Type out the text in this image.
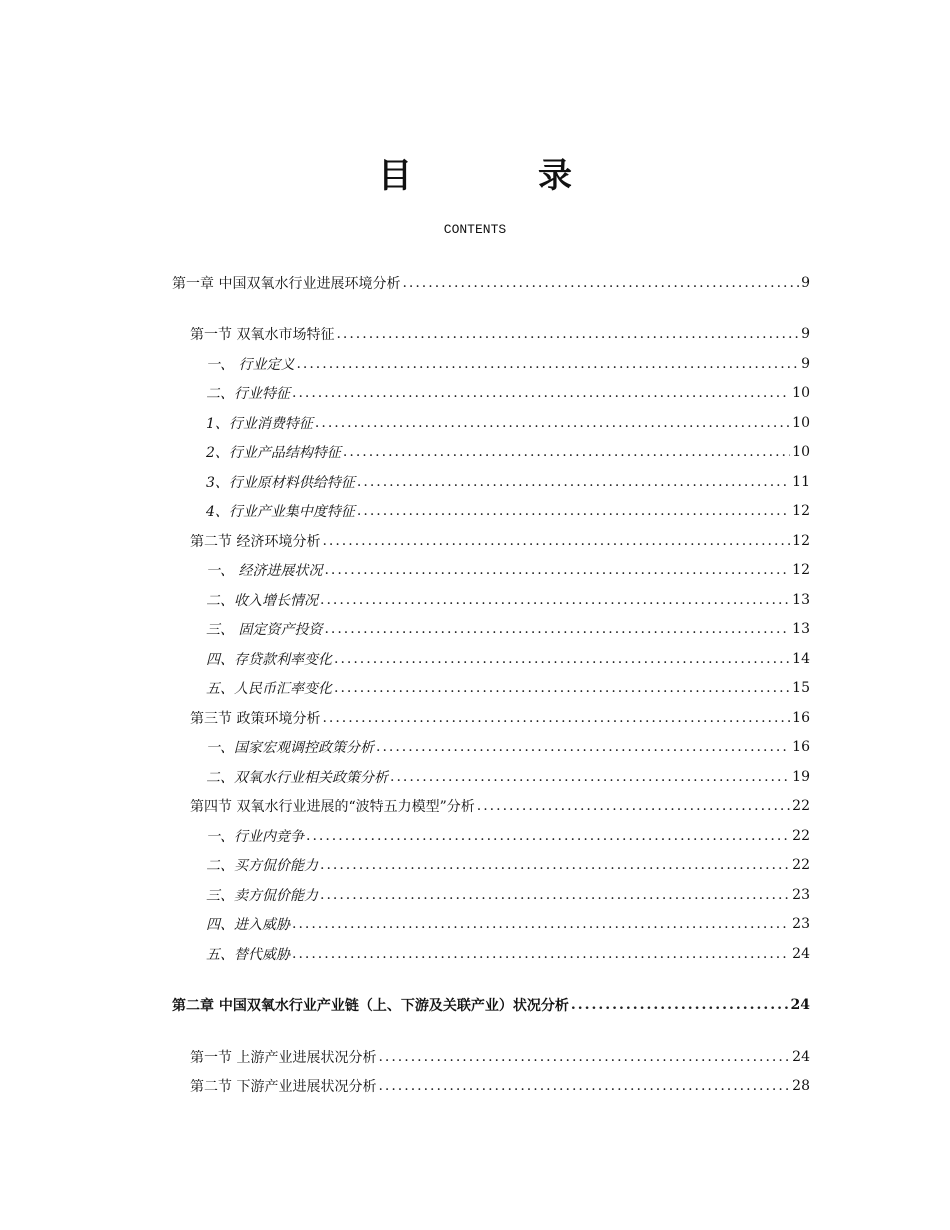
目　录
CONTENTS
第一章 中国双氧水行业进展环境分析 .....	9
第一节 双氧水市场特征 .....	9
一、 行业定义 .....	9
二、行业特征 .....	10
1、行业消费特征 .....	10
2、行业产品结构特征 .....	10
3、行业原材料供给特征 .....	11
4、行业产业集中度特征 .....	12
第二节 经济环境分析 .....	12
一、 经济进展状况 .....	12
二、收入增长情况 .....	13
三、 固定资产投资 .....	13
四、存贷款利率变化 .....	14
五、人民币汇率变化 .....	15
第三节 政策环境分析 .....	16
一、国家宏观调控政策分析 .....	16
二、双氧水行业相关政策分析 .....	19
第四节 双氧水行业进展的“波特五力模型”分析 .....	22
一、行业内竞争 .....	22
二、买方侃价能力 .....	22
三、卖方侃价能力 .....	23
四、进入威胁 .....	23
五、替代威胁 .....	24
第二章 中国双氧水行业产业链（上、下游及关联产业）状况分析 .....	24
第一节 上游产业进展状况分析 .....	24
第二节 下游产业进展状况分析 .....	28
